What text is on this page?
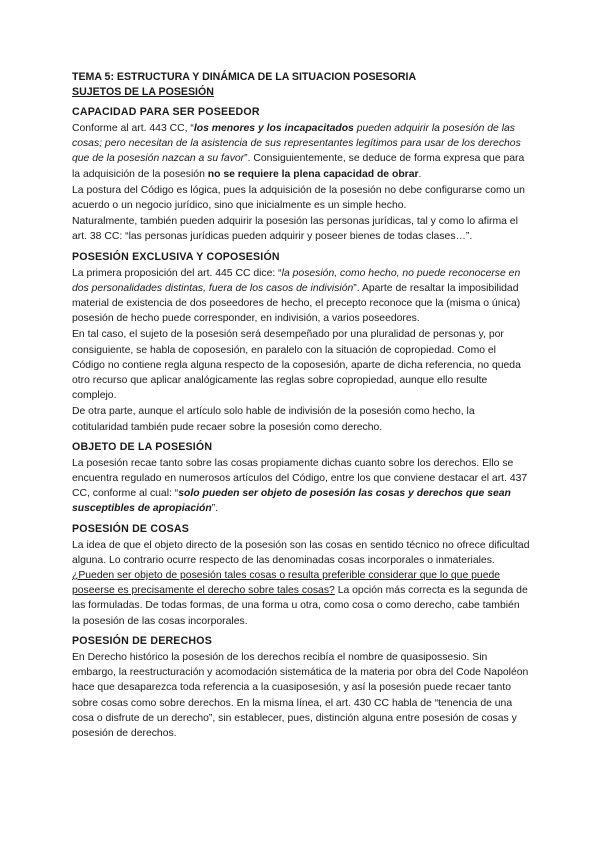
TEMA 5: ESTRUCTURA Y DINÁMICA DE LA SITUACION POSESORIA

SUJETOS DE LA POSESIÓN

CAPACIDAD PARA SER POSEEDOR

Conforme al art. 443 CC, “los menores y los incapacitados pueden adquirir la posesión de las cosas; pero necesitan de la asistencia de sus representantes legítimos para usar de los derechos que de la posesión nazcan a su favor”. Consiguientemente, se deduce de forma expresa que para la adquisición de la posesión no se requiere la plena capacidad de obrar.

La postura del Código es lógica, pues la adquisición de la posesión no debe configurarse como un acuerdo o un negocio jurídico, sino que inicialmente es un simple hecho.

Naturalmente, también pueden adquirir la posesión las personas jurídicas, tal y como lo afirma el art. 38 CC: “las personas jurídicas pueden adquirir y poseer bienes de todas clases…”.

POSESIÓN EXCLUSIVA Y COPOSESIÓN

La primera proposición del art. 445 CC dice: “la posesión, como hecho, no puede reconocerse en dos personalidades distintas, fuera de los casos de indivisión”. Aparte de resaltar la imposibilidad material de existencia de dos poseedores de hecho, el precepto reconoce que la (misma o única) posesión de hecho puede corresponder, en indivisión, a varios poseedores.

En tal caso, el sujeto de la posesión será desempeñado por una pluralidad de personas y, por consiguiente, se habla de coposesión, en paralelo con la situación de copropiedad. Como el Código no contiene regla alguna respecto de la coposesión, aparte de dicha referencia, no queda otro recurso que aplicar analógicamente las reglas sobre copropiedad, aunque ello resulte complejo.

De otra parte, aunque el artículo solo hable de indivisión de la posesión como hecho, la cotitularidad también pude recaer sobre la posesión como derecho.

OBJETO DE LA POSESIÓN

La posesión recae tanto sobre las cosas propiamente dichas cuanto sobre los derechos. Ello se encuentra regulado en numerosos artículos del Código, entre los que conviene destacar el art. 437 CC, conforme al cual: “solo pueden ser objeto de posesión las cosas y derechos que sean susceptibles de apropiación”.

POSESIÓN DE COSAS

La idea de que el objeto directo de la posesión son las cosas en sentido técnico no ofrece dificultad alguna. Lo contrario ocurre respecto de las denominadas cosas incorporales o inmateriales. ¿Pueden ser objeto de posesión tales cosas o resulta preferible considerar que lo que puede poseerse es precisamente el derecho sobre tales cosas? La opción más correcta es la segunda de las formuladas. De todas formas, de una forma u otra, como cosa o como derecho, cabe también la posesión de las cosas incorporales.

POSESIÓN DE DERECHOS

En Derecho histórico la posesión de los derechos recibía el nombre de quasipossesio. Sin embargo, la reestructuración y acomodación sistemática de la materia por obra del Code Napoléon hace que desaparezca toda referencia a la cuasiposesión, y así la posesión puede recaer tanto sobre cosas como sobre derechos. En la misma línea, el art. 430 CC habla de “tenencia de una cosa o disfrute de un derecho”, sin establecer, pues, distinción alguna entre posesión de cosas y posesión de derechos.
